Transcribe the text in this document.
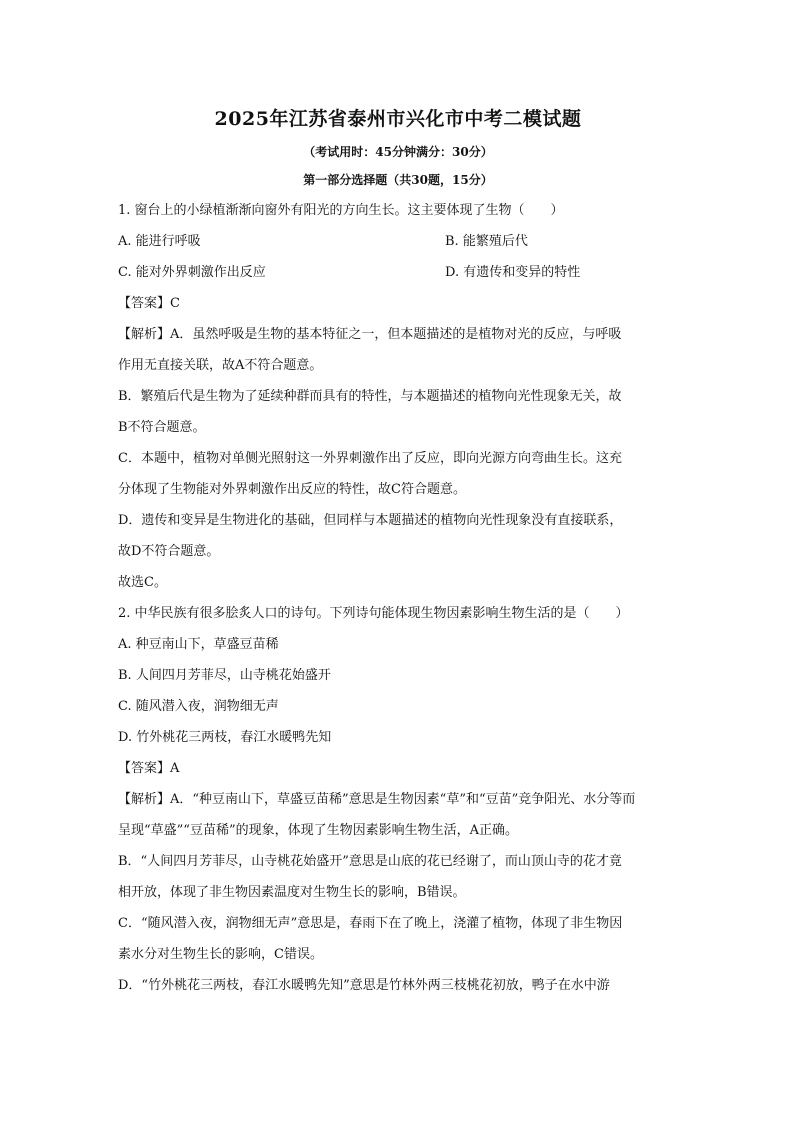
2025年江苏省泰州市兴化市中考二模试题
（考试用时：45分钟满分：30分）
第一部分选择题（共30题，15分）

1. 窗台上的小绿植渐渐向窗外有阳光的方向生长。这主要体现了生物（　　）

A. 能进行呼吸	B. 能繁殖后代
C. 能对外界刺激作出反应	D. 有遗传和变异的特性

【答案】C

【解析】A．虽然呼吸是生物的基本特征之一，但本题描述的是植物对光的反应，与呼吸

作用无直接关联，故A不符合题意。

B．繁殖后代是生物为了延续种群而具有的特性，与本题描述的植物向光性现象无关，故

B不符合题意。

C．本题中，植物对单侧光照射这一外界刺激作出了反应，即向光源方向弯曲生长。这充

分体现了生物能对外界刺激作出反应的特性，故C符合题意。

D．遗传和变异是生物进化的基础，但同样与本题描述的植物向光性现象没有直接联系，

故D不符合题意。

故选C。

2. 中华民族有很多脍炙人口的诗句。下列诗句能体现生物因素影响生物生活的是（　　）

A. 种豆南山下，草盛豆苗稀

B. 人间四月芳菲尽，山寺桃花始盛开

C. 随风潜入夜，润物细无声

D. 竹外桃花三两枝，春江水暖鸭先知

【答案】A

【解析】A．“种豆南山下，草盛豆苗稀”意思是生物因素“草”和“豆苗”竞争阳光、水分等而

呈现“草盛”“豆苗稀”的现象，体现了生物因素影响生物生活，A正确。

B．“人间四月芳菲尽，山寺桃花始盛开”意思是山底的花已经谢了，而山顶山寺的花才竟

相开放，体现了非生物因素温度对生物生长的影响，B错误。

C．“随风潜入夜，润物细无声”意思是，春雨下在了晚上，浇灌了植物，体现了非生物因

素水分对生物生长的影响，C错误。

D．“竹外桃花三两枝，春江水暖鸭先知”意思是竹林外两三枝桃花初放，鸭子在水中游
